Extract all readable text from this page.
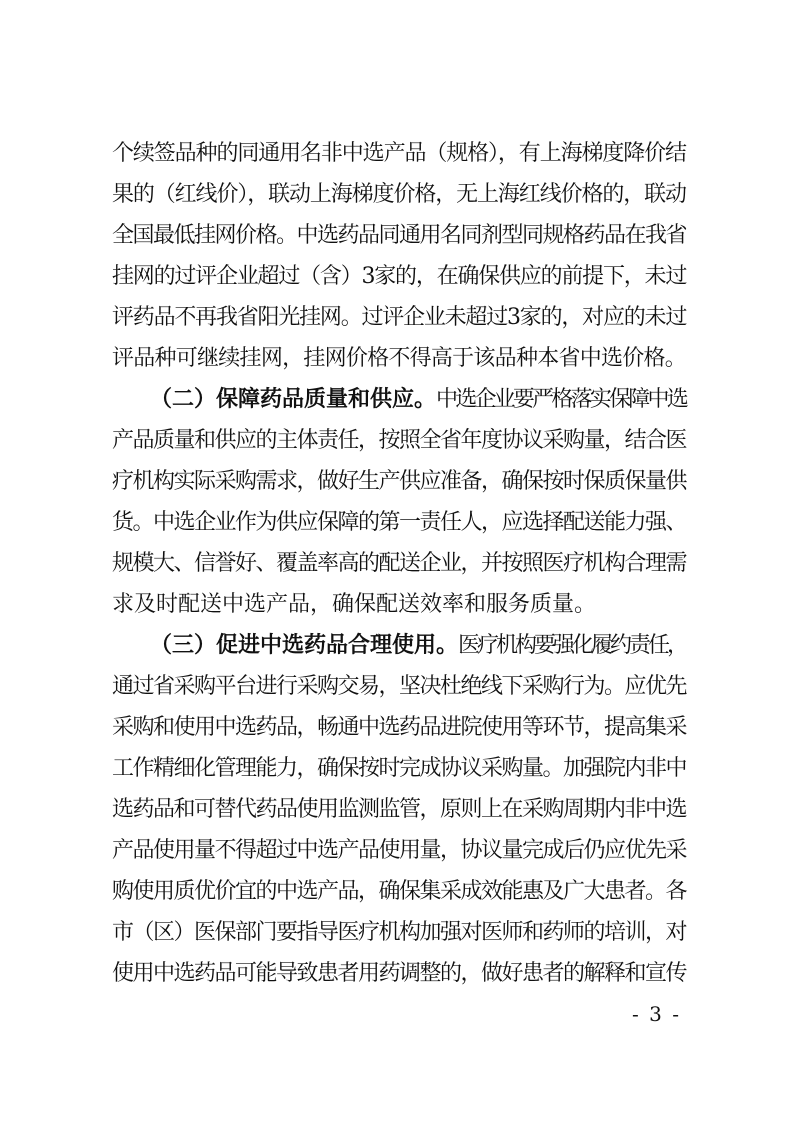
个续签品种的同通用名非中选产品（规格），有上海梯度降价结
果的（红线价），联动上海梯度价格，无上海红线价格的，联动
全国最低挂网价格。中选药品同通用名同剂型同规格药品在我省
挂网的过评企业超过（含）3家的，在确保供应的前提下，未过
评药品不再我省阳光挂网。过评企业未超过3家的，对应的未过
评品种可继续挂网，挂网价格不得高于该品种本省中选价格。
（二）保障药品质量和供应。 中选企业要严格落实保障中选
产品质量和供应的主体责任，按照全省年度协议采购量，结合医
疗机构实际采购需求，做好生产供应准备，确保按时保质保量供
货。中选企业作为供应保障的第一责任人，应选择配送能力强、
规模大、信誉好、覆盖率高的配送企业，并按照医疗机构合理需
求及时配送中选产品，确保配送效率和服务质量。
（三）促进中选药品合理使用。 医疗机构要强化履约责任，
通过省采购平台进行采购交易，坚决杜绝线下采购行为。应优先
采购和使用中选药品，畅通中选药品进院使用等环节，提高集采
工作精细化管理能力，确保按时完成协议采购量。加强院内非中
选药品和可替代药品使用监测监管，原则上在采购周期内非中选
产品使用量不得超过中选产品使用量，协议量完成后仍应优先采
购使用质优价宜的中选产品，确保集采成效能惠及广大患者。各
市（区）医保部门要指导医疗机构加强对医师和药师的培训，对
使用中选药品可能导致患者用药调整的，做好患者的解释和宣传
- 3 -
